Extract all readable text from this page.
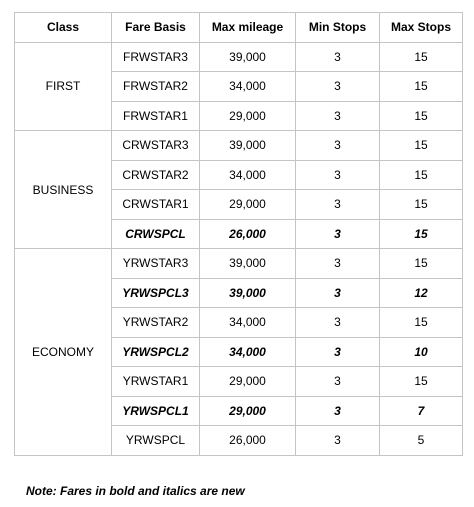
Class	Fare Basis	Max mileage	Min Stops	Max Stops
FIRST	FRWSTAR3	39,000	3	15
	FRWSTAR2	34,000	3	15
	FRWSTAR1	29,000	3	15
BUSINESS	CRWSTAR3	39,000	3	15
	CRWSTAR2	34,000	3	15
	CRWSTAR1	29,000	3	15
	CRWSPCL	26,000	3	15
ECONOMY	YRWSTAR3	39,000	3	15
	YRWSPCL3	39,000	3	12
	YRWSTAR2	34,000	3	15
	YRWSPCL2	34,000	3	10
	YRWSTAR1	29,000	3	15
	YRWSPCL1	29,000	3	7
	YRWSPCL	26,000	3	5
Note: Fares in bold and italics are new
